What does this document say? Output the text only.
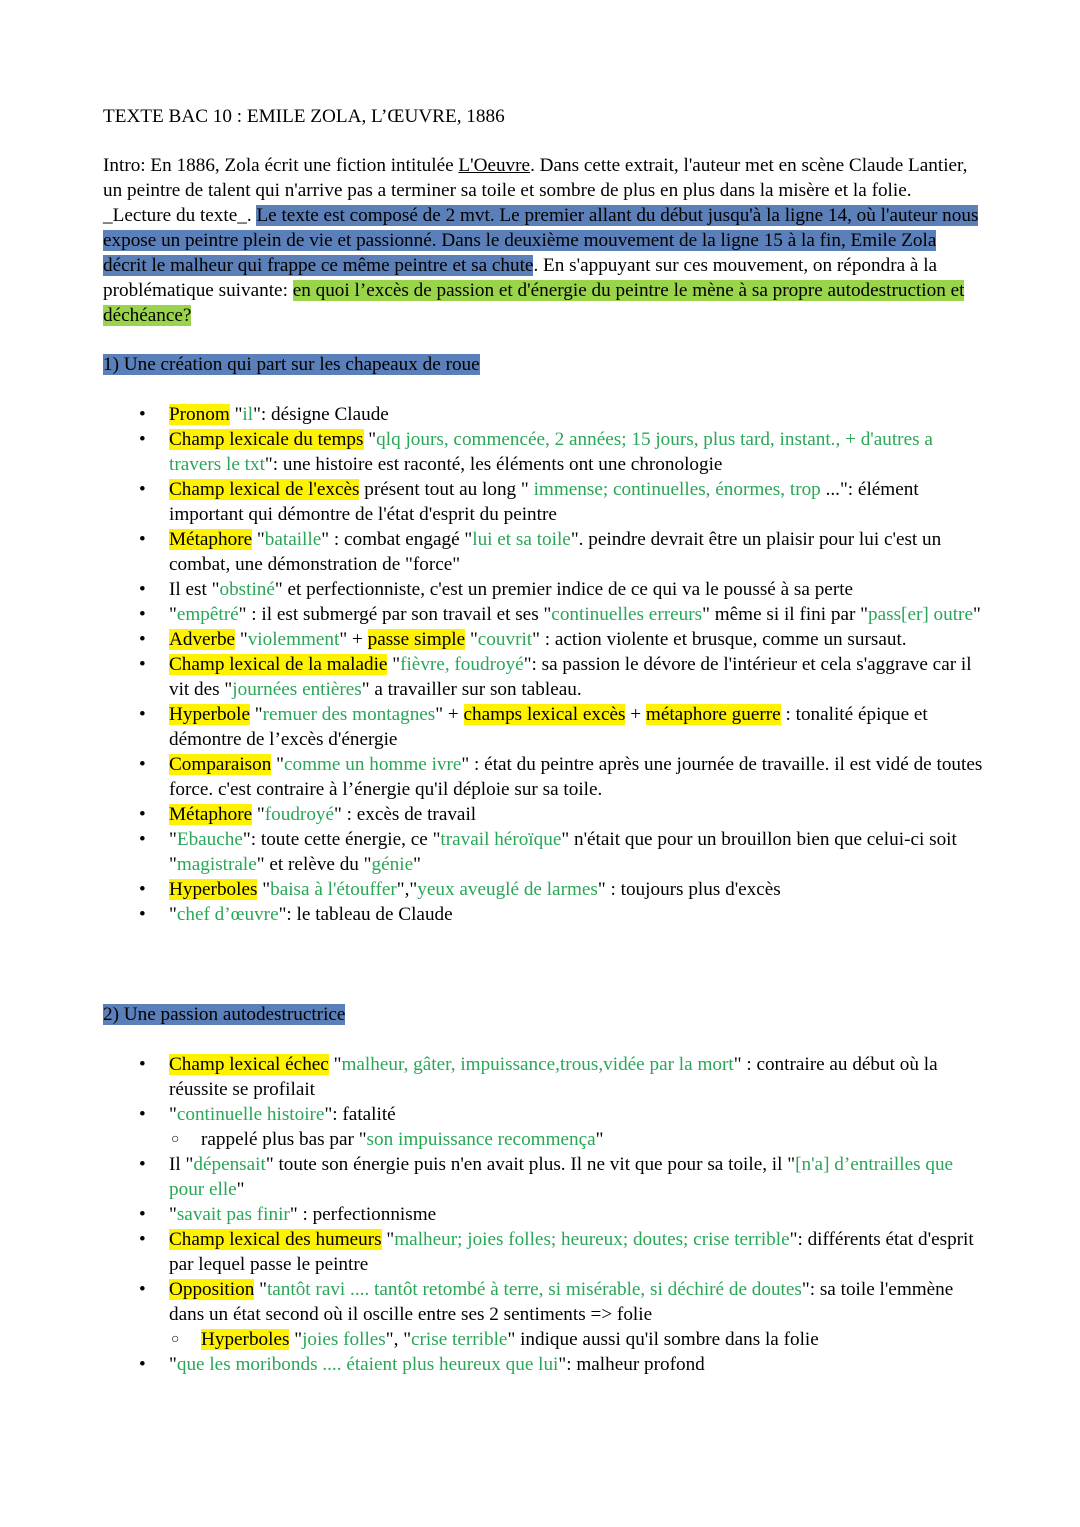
TEXTE BAC 10 : EMILE ZOLA, L’ŒUVRE, 1886
Intro: En 1886, Zola écrit une fiction intitulée L'Oeuvre. Dans cette extrait, l'auteur met en scène Claude Lantier, un peintre de talent qui n'arrive pas a terminer sa toile et sombre de plus en plus dans la misère et la folie. _Lecture du texte_. Le texte est composé de 2 mvt. Le premier allant du début jusqu'à la ligne 14, où l'auteur nous expose un peintre plein de vie et passionné. Dans le deuxième mouvement de la ligne 15 à la fin, Emile Zola décrit le malheur qui frappe ce même peintre et sa chute. En s'appuyant sur ces mouvement, on répondra à la problématique suivante: en quoi l’excès de passion et d'énergie du peintre le mène à sa propre autodestruction et déchéance?
1) Une création qui part sur les chapeaux de roue
• Pronom "il": désigne Claude
• Champ lexicale du temps "qlq jours, commencée, 2 années; 15 jours, plus tard, instant., + d'autres a travers le txt": une histoire est raconté, les éléments ont une chronologie
• Champ lexical de l'excès présent tout au long " immense; continuelles, énormes, trop ...": élément important qui démontre de l'état d'esprit du peintre
• Métaphore "bataille" : combat engagé "lui et sa toile". peindre devrait être un plaisir pour lui c'est un combat, une démonstration de "force"
• Il est "obstiné" et perfectionniste, c'est un premier indice de ce qui va le poussé à sa perte
• "empêtré" : il est submergé par son travail et ses "continuelles erreurs" même si il fini par "pass[er] outre"
• Adverbe "violemment" + passe simple "couvrit" : action violente et brusque, comme un sursaut.
• Champ lexical de la maladie "fièvre, foudroyé": sa passion le dévore de l'intérieur et cela s'aggrave car il vit des "journées entières" a travailler sur son tableau.
• Hyperbole "remuer des montagnes" + champs lexical excès + métaphore guerre : tonalité épique et démontre de l’excès d'énergie
• Comparaison "comme un homme ivre" : état du peintre après une journée de travaille. il est vidé de toutes force. c'est contraire à l’énergie qu'il déploie sur sa toile.
• Métaphore "foudroyé" : excès de travail
• "Ebauche": toute cette énergie, ce "travail héroïque" n'était que pour un brouillon bien que celui-ci soit "magistrale" et relève du "génie"
• Hyperboles "baisa à l'étouffer","yeux aveuglé de larmes" : toujours plus d'excès
• "chef d’œuvre": le tableau de Claude
2) Une passion autodestructrice
• Champ lexical échec "malheur, gâter, impuissance,trous,vidée par la mort" : contraire au début où la réussite se profilait
• "continuelle histoire": fatalité
○ rappelé plus bas par "son impuissance recommença"
• Il "dépensait" toute son énergie puis n'en avait plus. Il ne vit que pour sa toile, il "[n'a] d’entrailles que pour elle"
• "savait pas finir" : perfectionnisme
• Champ lexical des humeurs "malheur; joies folles; heureux; doutes; crise terrible": différents état d'esprit par lequel passe le peintre
• Opposition "tantôt ravi .... tantôt retombé à terre, si misérable, si déchiré de doutes": sa toile l'emmène dans un état second où il oscille entre ses 2 sentiments => folie
○ Hyperboles "joies folles", "crise terrible" indique aussi qu'il sombre dans la folie
• "que les moribonds .... étaient plus heureux que lui": malheur profond
